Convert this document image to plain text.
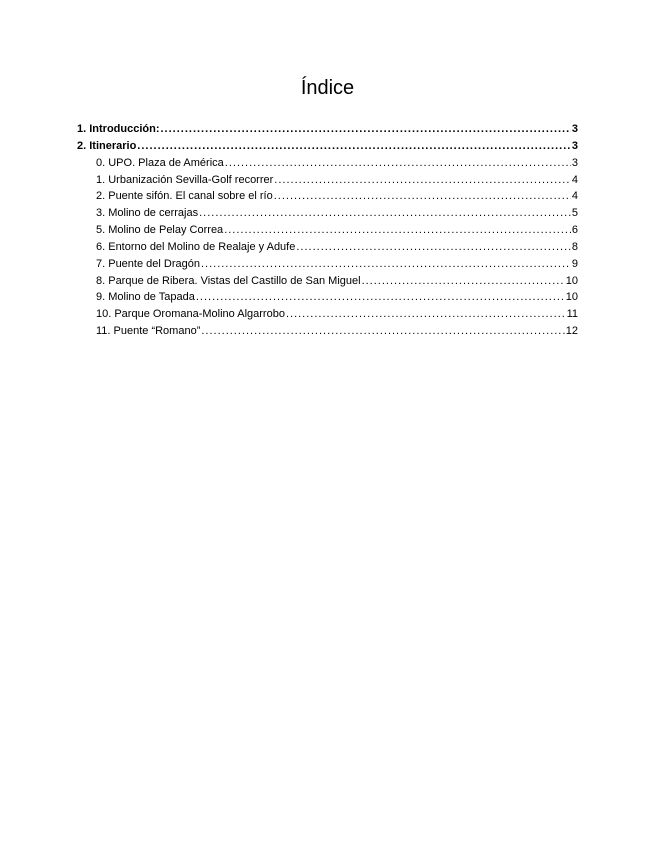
Índice
1. Introducción: .....	3
2. Itinerario .....	3
0. UPO. Plaza de América .....	3
1. Urbanización Sevilla-Golf recorrer .....	4
2. Puente sifón. El canal sobre el río .....	4
3. Molino de cerrajas .....	5
5. Molino de Pelay Correa .....	6
6. Entorno del Molino de Realaje y Adufe .....	8
7. Puente del Dragón .....	9
8. Parque de Ribera. Vistas del Castillo de San Miguel .....	10
9. Molino de Tapada .....	10
10. Parque Oromana-Molino Algarrobo .....	11
11. Puente “Romano” .....	12
